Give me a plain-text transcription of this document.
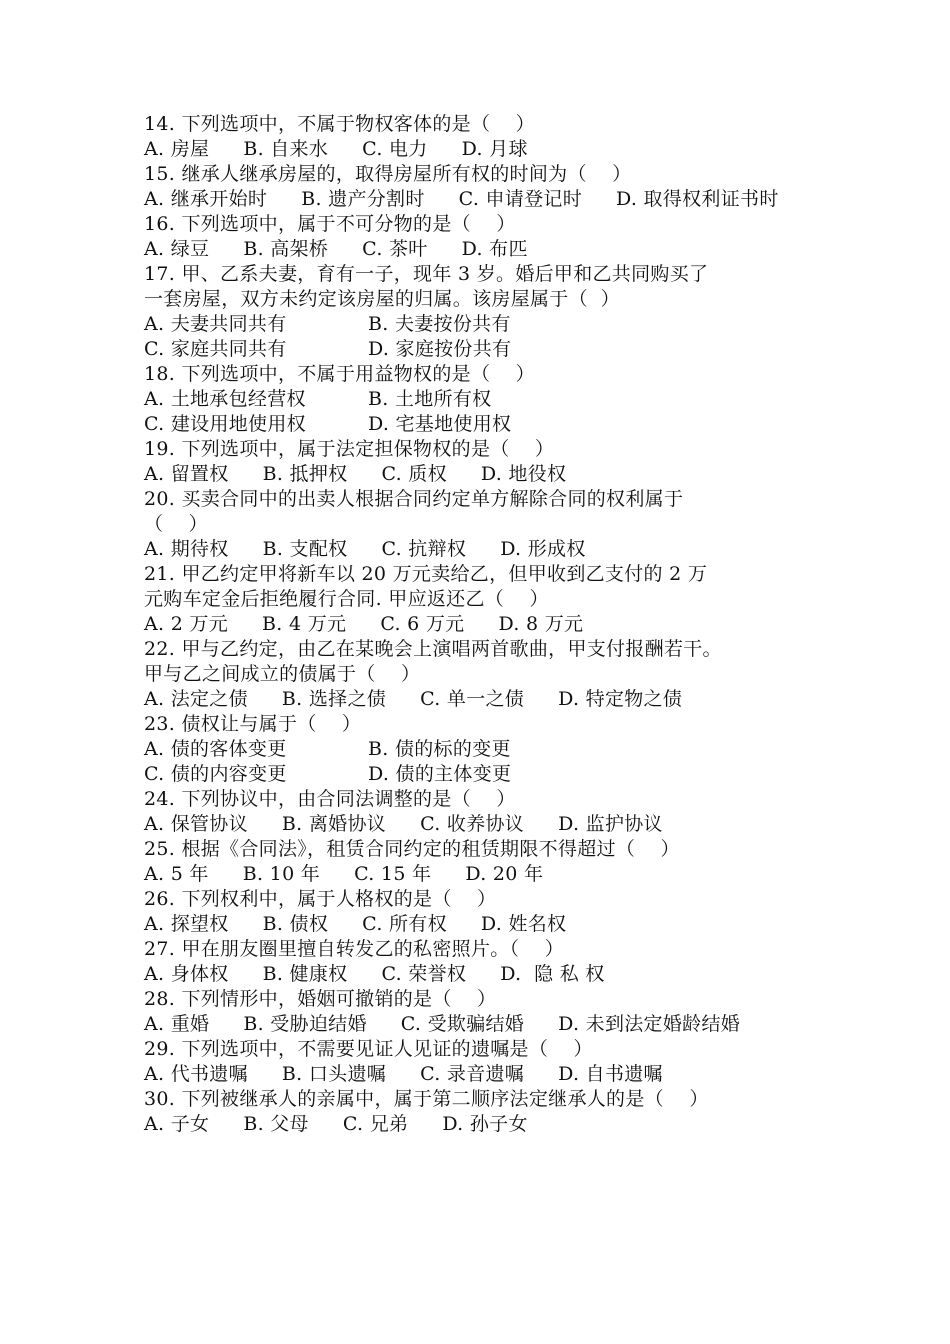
14. 下列选项中，不属于物权客体的是（    ）
A. 房屋 B. 自来水 C. 电力 D. 月球
15. 继承人继承房屋的，取得房屋所有权的时间为（    ）
A. 继承开始时 B. 遗产分割时 C. 申请登记时 D. 取得权利证书时
16. 下列选项中，属于不可分物的是（    ）
A. 绿豆 B. 高架桥 C. 茶叶 D. 布匹
17. 甲、乙系夫妻，育有一子，现年 3 岁。婚后甲和乙共同购买了
一套房屋，双方未约定该房屋的归属。该房屋属于（  ）
A. 夫妻共同共有	B. 夫妻按份共有
C. 家庭共同共有	D. 家庭按份共有
18. 下列选项中，不属于用益物权的是（    ）
A. 土地承包经营权	B. 土地所有权
C. 建设用地使用权	D. 宅基地使用权
19. 下列选项中，属于法定担保物权的是（    ）
A. 留置权 B. 抵押权 C. 质权 D. 地役权
20. 买卖合同中的出卖人根据合同约定单方解除合同的权利属于
（    ）
A. 期待权 B. 支配权 C. 抗辩权 D. 形成权
21. 甲乙约定甲将新车以 20 万元卖给乙，但甲收到乙支付的 2 万
元购车定金后拒绝履行合同. 甲应返还乙（    ）
A. 2 万元 B. 4 万元 C. 6 万元 D. 8 万元
22. 甲与乙约定，由乙在某晚会上演唱两首歌曲，甲支付报酬若干。
甲与乙之间成立的债属于（    ）
A. 法定之债 B. 选择之债 C. 单一之债 D. 特定物之债
23. 债权让与属于（    ）
A. 债的客体变更	B. 债的标的变更
C. 债的内容变更	D. 债的主体变更
24. 下列协议中，由合同法调整的是（    ）
A. 保管协议 B. 离婚协议 C. 收养协议 D. 监护协议
25. 根据《合同法》，租赁合同约定的租赁期限不得超过（    ）
A. 5 年 B. 10 年 C. 15 年 D. 20 年
26. 下列权利中，属于人格权的是（    ）
A. 探望权 B. 债权 C. 所有权 D. 姓名权
27. 甲在朋友圈里擅自转发乙的私密照片。（    ）
A. 身体权 B. 健康权 C. 荣誉权 D.  隐 私 权
28. 下列情形中，婚姻可撤销的是（    ）
A. 重婚 B. 受胁迫结婚 C. 受欺骗结婚 D. 未到法定婚龄结婚
29. 下列选项中，不需要见证人见证的遗嘱是（    ）
A. 代书遗嘱 B. 口头遗嘱 C. 录音遗嘱 D. 自书遗嘱
30. 下列被继承人的亲属中，属于第二顺序法定继承人的是（    ）
A. 子女 B. 父母 C. 兄弟 D. 孙子女
